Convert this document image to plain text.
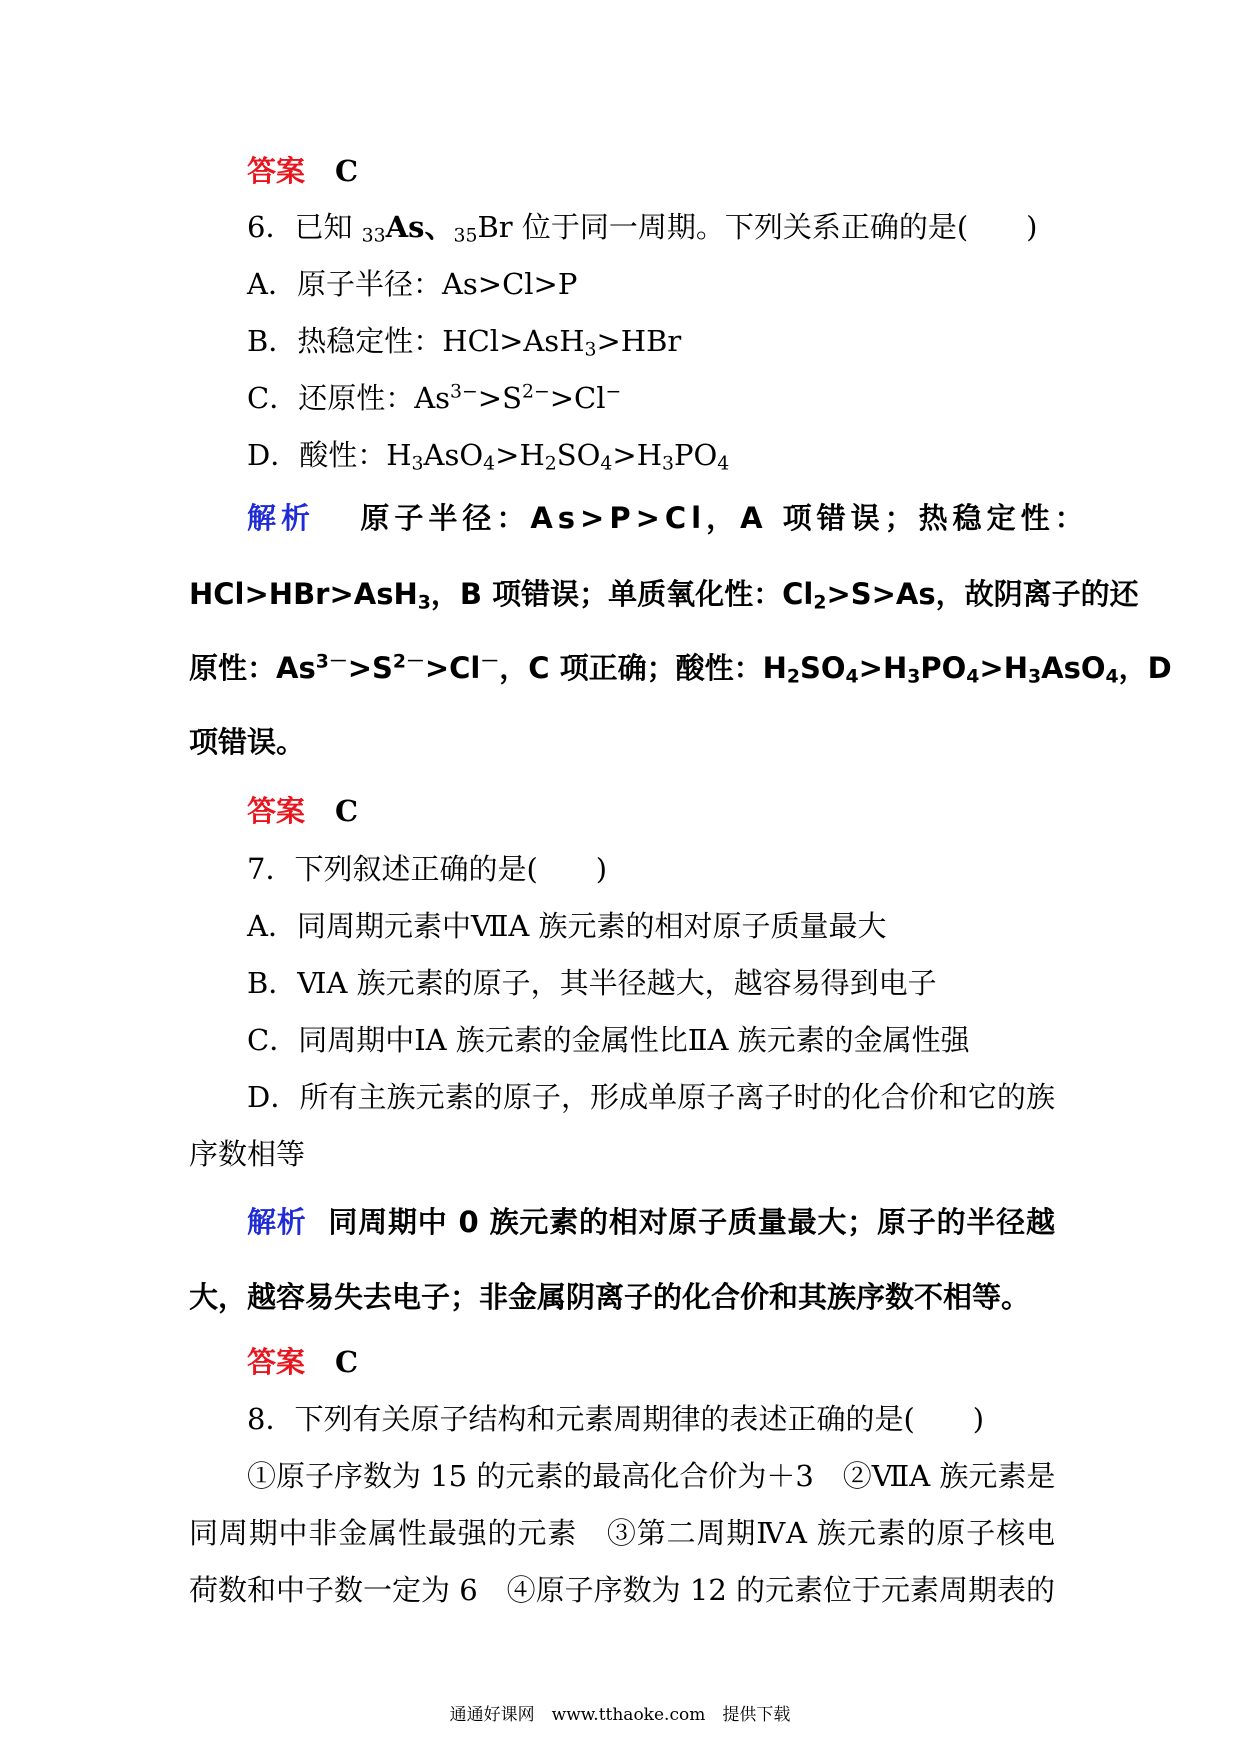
答案 C
6．已知 $_{33}$As、$_{35}$Br 位于同一周期。下列关系正确的是(　　)
A．原子半径：As>Cl>P
B．热稳定性：HCl>AsH$_3$>HBr
C．还原性：$As^{3-}>S^{2-}>Cl^-$
D．酸性：$H_3AsO_4>H_2SO_4>H_3PO_4$
解析 原子半径：As>P>Cl，A 项错误；热稳定性：
HCl>HBr>AsH$_3$，B 项错误；单质氧化性：$Cl_2>S>As$，故阴离子的还
原性：$As^{3-}>S^{2-}>Cl^-$，C 项正确；酸性：$H_2SO_4>H_3PO_4>H_3AsO_4$，D
项错误。
答案 C
7．下列叙述正确的是(　　)
A．同周期元素中ⅦA 族元素的相对原子质量最大
B．ⅥA 族元素的原子，其半径越大，越容易得到电子
C．同周期中ⅠA 族元素的金属性比ⅡA 族元素的金属性强
D．所有主族元素的原子，形成单原子离子时的化合价和它的族
序数相等
解析 同周期中 0 族元素的相对原子质量最大；原子的半径越
大，越容易失去电子；非金属阴离子的化合价和其族序数不相等。
答案 C
8．下列有关原子结构和元素周期律的表述正确的是(　　)
①原子序数为 15 的元素的最高化合价为＋3　②ⅦA 族元素是
同周期中非金属性最强的元素　③第二周期ⅣA 族元素的原子核电
荷数和中子数一定为 6　④原子序数为 12 的元素位于元素周期表的
通通好课网　www.tthaoke.com　提供下载
